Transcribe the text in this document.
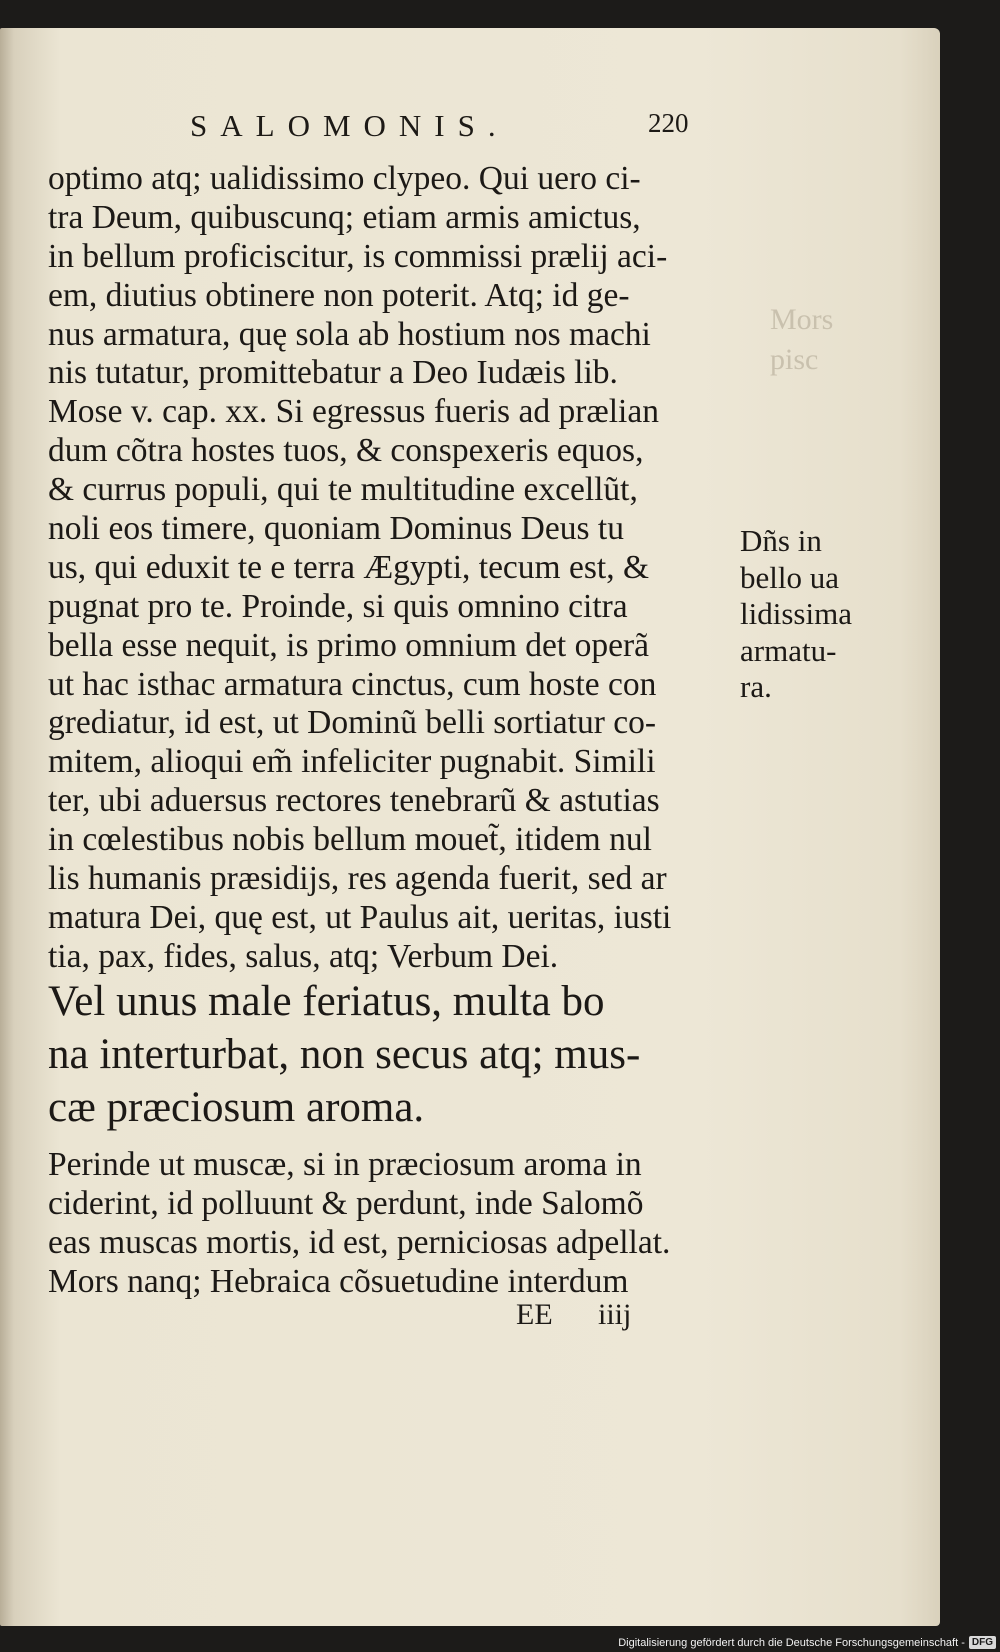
Mors
pisc
SALOMONIS.	220
optimo atq; ualidissimo clypeo. Qui uero ci-
tra Deum, quibuscunq; etiam armis amictus,
in bellum proficiscitur, is commissi prælij aci-
em, diutius obtinere non poterit. Atq; id ge-
nus armatura, quę sola ab hostium nos machi
nis tutatur, promittebatur a Deo Iudæis lib.
Mose v. cap. xx. Si egressus fueris ad prælian
dum cõtra hostes tuos, & conspexeris equos,
& currus populi, qui te multitudine excellũt,
noli eos timere, quoniam Dominus Deus tu
us, qui eduxit te e terra Ægypti, tecum est, &
pugnat pro te. Proinde, si quis omnino citra
bella esse nequit, is primo omnium det operã
ut hac isthac armatura cinctus, cum hoste con
grediatur, id est, ut Dominũ belli sortiatur co-
mitem, alioqui em̃ infeliciter pugnabit. Simili
ter, ubi aduersus rectores tenebrarũ & astutias
in cœlestibus nobis bellum mouet̃, itidem nul
lis humanis præsidijs, res agenda fuerit, sed ar
matura Dei, quę est, ut Paulus ait, ueritas, iusti
tia, pax, fides, salus, atq; Verbum Dei.
Vel unus male feriatus, multa bo
na interturbat, non secus atq; mus-
cæ præciosum aroma.
Perinde ut muscæ, si in præciosum aroma in
ciderint, id polluunt & perdunt, inde Salomõ
eas muscas mortis, id est, perniciosas adpellat.
Mors nanq; Hebraica cõsuetudine interdum
Dñs in
bello ua
lidissima
armatu-
ra.
EE iiij
Digitalisierung gefördert durch die Deutsche Forschungsgemeinschaft - DFG
